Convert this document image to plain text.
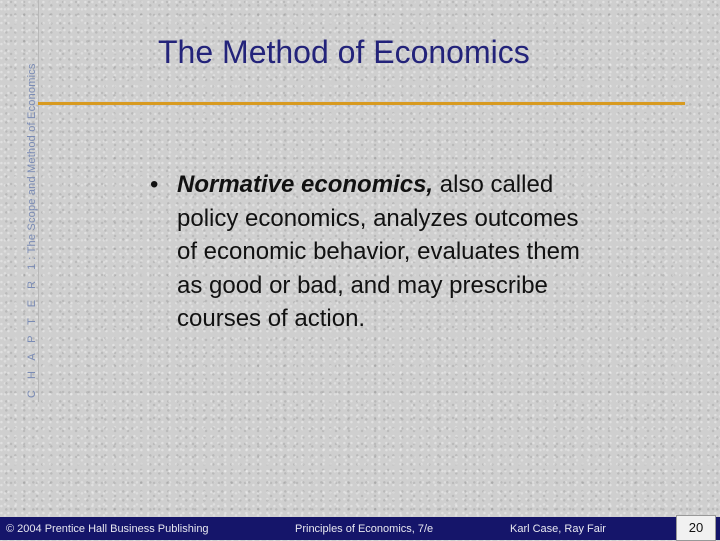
C H A P T E R 1: The Scope and Method of Economics
The Method of Economics
• Normative economics, also called policy economics, analyzes outcomes of economic behavior, evaluates them as good or bad, and may prescribe courses of action.
© 2004 Prentice Hall Business Publishing	Principles of Economics, 7/e	Karl Case, Ray Fair	20
